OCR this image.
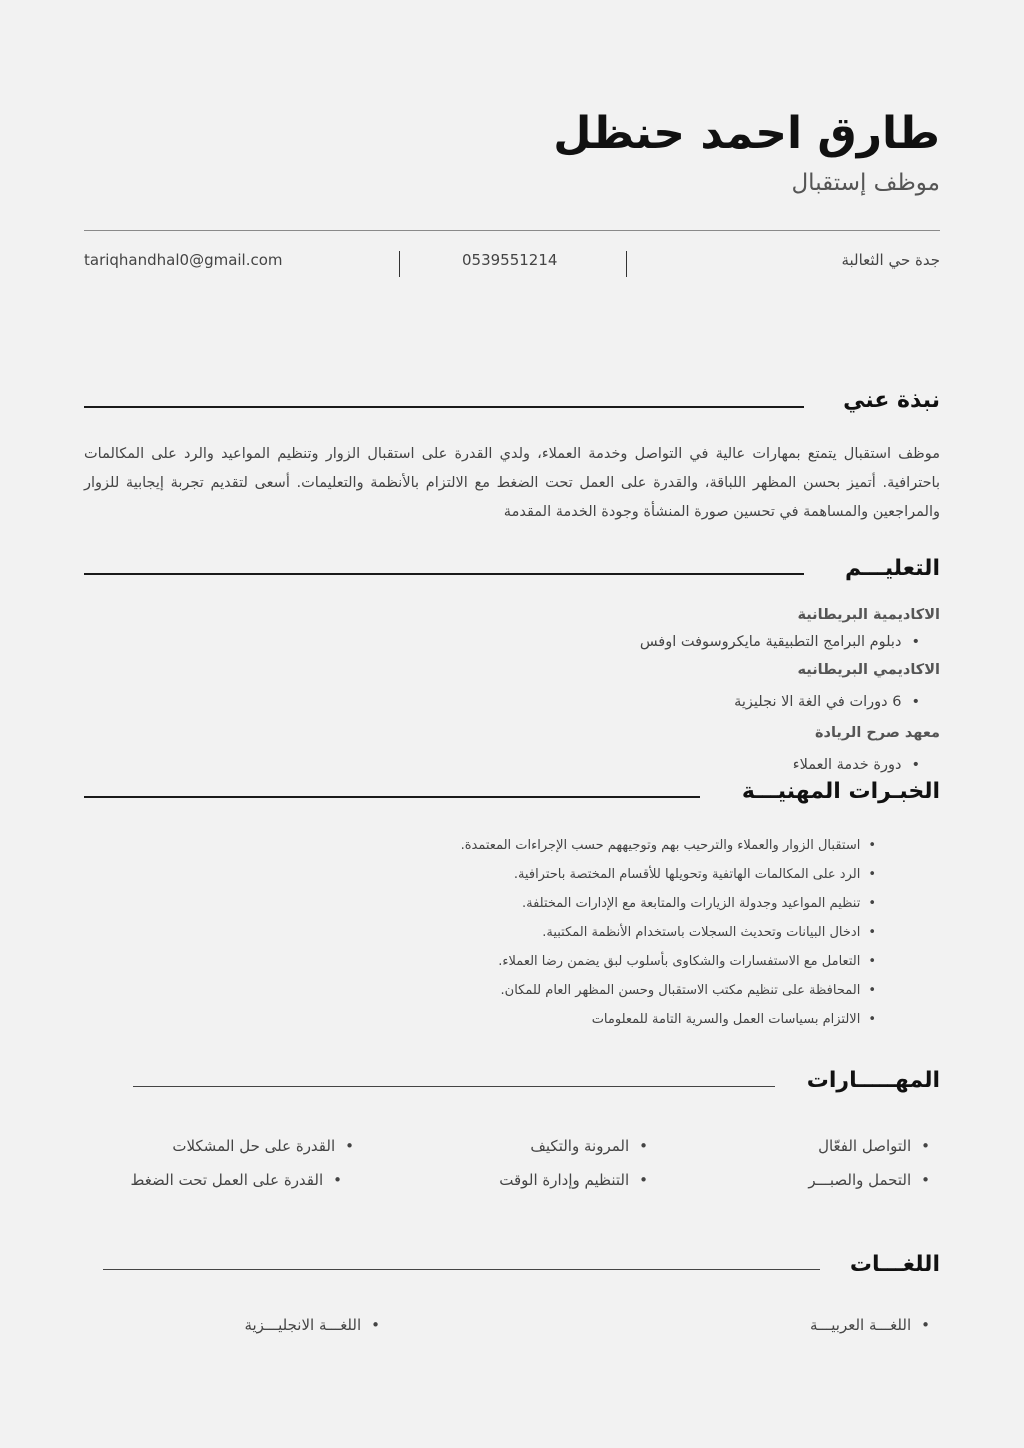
طارق احمد حنظل
موظف إستقبال
tariqhandhal0@gmail.com	0539551214	جدة حي الثعالبة
نبذة عني
موظف استقبال يتمتع بمهارات عالية في التواصل وخدمة العملاء، ولدي القدرة على استقبال الزوار وتنظيم المواعيد والرد على المكالمات باحترافية. أتميز بحسن المظهر اللباقة، والقدرة على العمل تحت الضغط مع الالتزام بالأنظمة والتعليمات. أسعى لتقديم تجربة إيجابية للزوار والمراجعين والمساهمة في تحسين صورة المنشأة وجودة الخدمة المقدمة
التعليـــم
الاكاديمية البريطانية
• دبلوم البرامج التطبيقية مايكروسوفت اوفس
الاكاديمي البريطانيه
• 6 دورات في الغة الا نجليزية
معهد صرح الريادة
• دورة خدمة العملاء
الخبـرات المهنيـــة
• استقبال الزوار والعملاء والترحيب بهم وتوجيههم حسب الإجراءات المعتمدة.
• الرد على المكالمات الهاتفية وتحويلها للأقسام المختصة باحترافية.
• تنظيم المواعيد وجدولة الزيارات والمتابعة مع الإدارات المختلفة.
• ادخال البيانات وتحديث السجلات باستخدام الأنظمة المكتبية.
• التعامل مع الاستفسارات والشكاوى بأسلوب لبق يضمن رضا العملاء.
• المحافظة على تنظيم مكتب الاستقبال وحسن المظهر العام للمكان.
• الالتزام بسياسات العمل والسرية التامة للمعلومات
المهـــــارات
• التواصل الفعّال
• المرونة والتكيف
• القدرة على حل المشكلات
• التحمل والصبـــر
• التنظيم وإدارة الوقت
• القدرة على العمل تحت الضغط
اللغـــات
• اللغـــة العربيـــة
• اللغـــة الانجليـــزية
